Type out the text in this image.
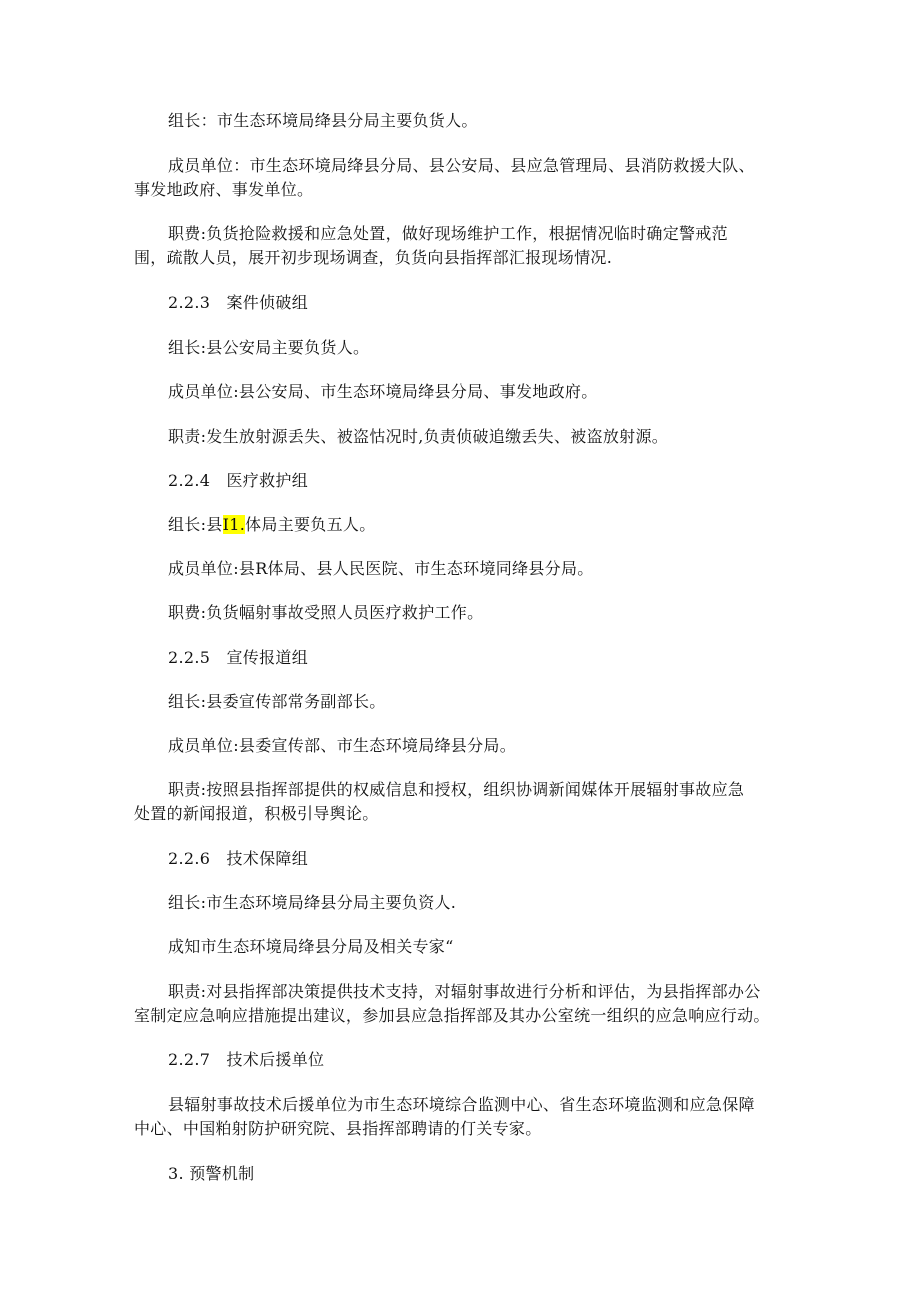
组长：市生态环境局绛县分局主要负货人。
成员单位：市生态环境局绛县分局、县公安局、县应急管理局、县消防救援大队、
事发地政府、事发单位。
职费:负货抢险救援和应急处置，做好现场维护工作，根据情况临时确定警戒范
围，疏散人员，展开初步现场调查，负货向县指挥部汇报现场情况.
2.2.3　案件侦破组
组长:县公安局主要负货人。
成员单位:县公安局、市生态环境局绛县分局、事发地政府。
职责:发生放射源丢失、被盗怙况时,负责侦破追缴丢失、被盗放射源。
2.2.4　医疗救护组
组长:县I1.体局主要负五人。
成员单位:县R体局、县人民医院、市生态环境同绛县分局。
职费:负货幅射事故受照人员医疗救护工作。
2.2.5　宣传报道组
组长:县委宣传部常务副部长。
成员单位:县委宣传部、市生态环境局绛县分局。
职责:按照县指挥部提供的权威信息和授权，组织协调新闻媒体开展辐射事故应急
处置的新闻报道，积极引导舆论。
2.2.6　技术保障组
组长:市生态环境局绛县分局主要负资人.
成知市生态环境局绛县分局及相关专家“
职责:对县指挥部决策提供技术支持，对辐射事故进行分析和评估，为县指挥部办公
室制定应急响应措施提出建议，参加县应急指挥部及其办公室统一组织的应急响应行动。
2.2.7　技术后援单位
县辐射事故技术后援单位为市生态环境综合监测中心、省生态环境监测和应急保障
中心、中国粕射防护研究院、县指挥部聘请的仃关专家。
3. 预警机制
